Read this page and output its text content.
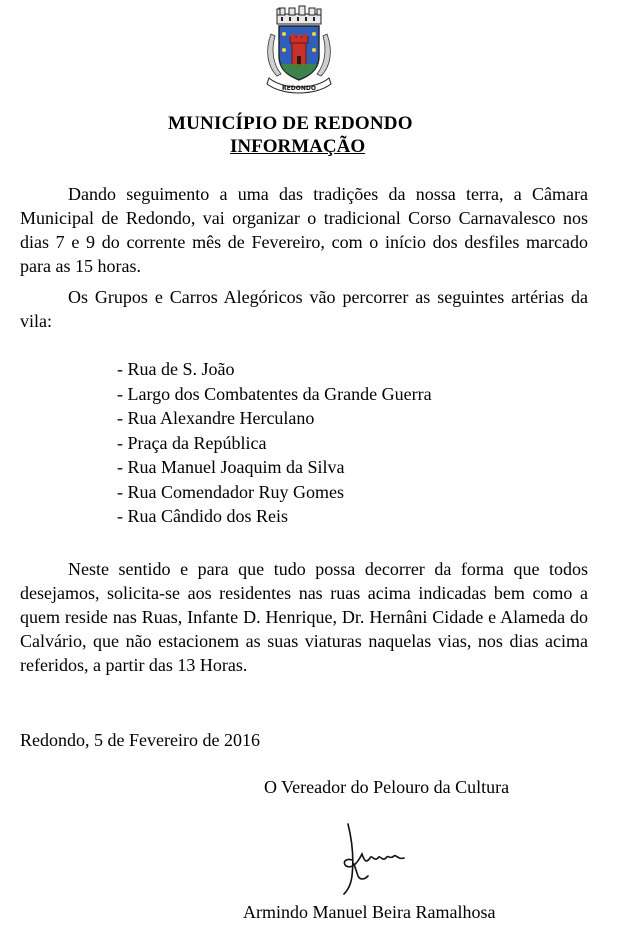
REDONDO
MUNICÍPIO DE REDONDO
INFORMAÇÃO

Dando seguimento a uma das tradições da nossa terra, a Câmara Municipal de Redondo, vai organizar o tradicional Corso Carnavalesco nos dias 7 e 9 do corrente mês de Fevereiro, com o início dos desfiles marcado para as 15 horas.

Os Grupos e Carros Alegóricos vão percorrer as seguintes artérias da vila:

- Rua de S. João
- Largo dos Combatentes da Grande Guerra
- Rua Alexandre Herculano
- Praça da República
- Rua Manuel Joaquim da Silva
- Rua Comendador Ruy Gomes
- Rua Cândido dos Reis

Neste sentido e para que tudo possa decorrer da forma que todos desejamos, solicita-se aos residentes nas ruas acima indicadas bem como a quem reside nas Ruas, Infante D. Henrique, Dr. Hernâni Cidade e Alameda do Calvário, que não estacionem as suas viaturas naquelas vias, nos dias acima referidos, a partir das 13 Horas.

Redondo, 5 de Fevereiro de 2016
O Vereador do Pelouro da Cultura
Armindo Manuel Beira Ramalhosa
